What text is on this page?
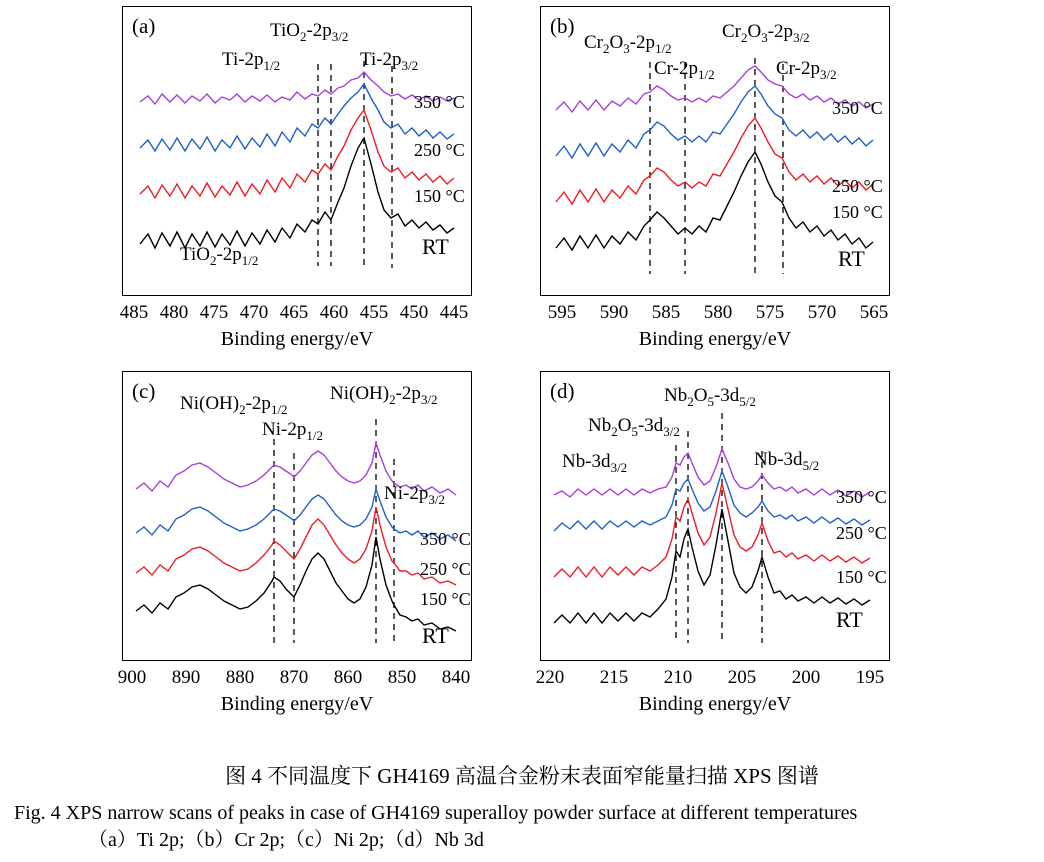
(a)	$TiO_2-2p_{3/2}$
$Ti-2p_{1/2}$	$Ti-2p_{3/2}$
$TiO_2-2p_{1/2}$
350 °C
250 °C
150 °C
RT
485 480 475 470 465 460 455 450 445
Binding energy/eV
(b)
$Cr_2O_3-2p_{1/2}$
$Cr_2O_3-2p_{3/2}$
$Cr-2p_{1/2}$	$Cr-2p_{3/2}$
350 °C
250 °C
150 °C
RT
595 590 585 580 575 570 565
Binding energy/eV
(c)
$Ni(OH)_2-2p_{1/2}$
$Ni(OH)_2-2p_{3/2}$
$Ni-2p_{1/2}$
$Ni-2p_{3/2}$
350 °C
250 °C
150 °C
RT
900 890 880 870 860 850 840
Binding energy/eV
(d)	$Nb_2O_5-3d_{5/2}$
$Nb_2O_5-3d_{3/2}$
$Nb-3d_{3/2}$	$Nb-3d_{5/2}$
350 °C
250 °C
150 °C
RT
220 215 210 205 200 195
Binding energy/eV
图 4 不同温度下 GH4169 高温合金粉末表面窄能量扫描 XPS 图谱
Fig. 4 XPS narrow scans of peaks in case of GH4169 superalloy powder surface at different temperatures
（a）Ti 2p;（b）Cr 2p;（c）Ni 2p;（d）Nb 3d
